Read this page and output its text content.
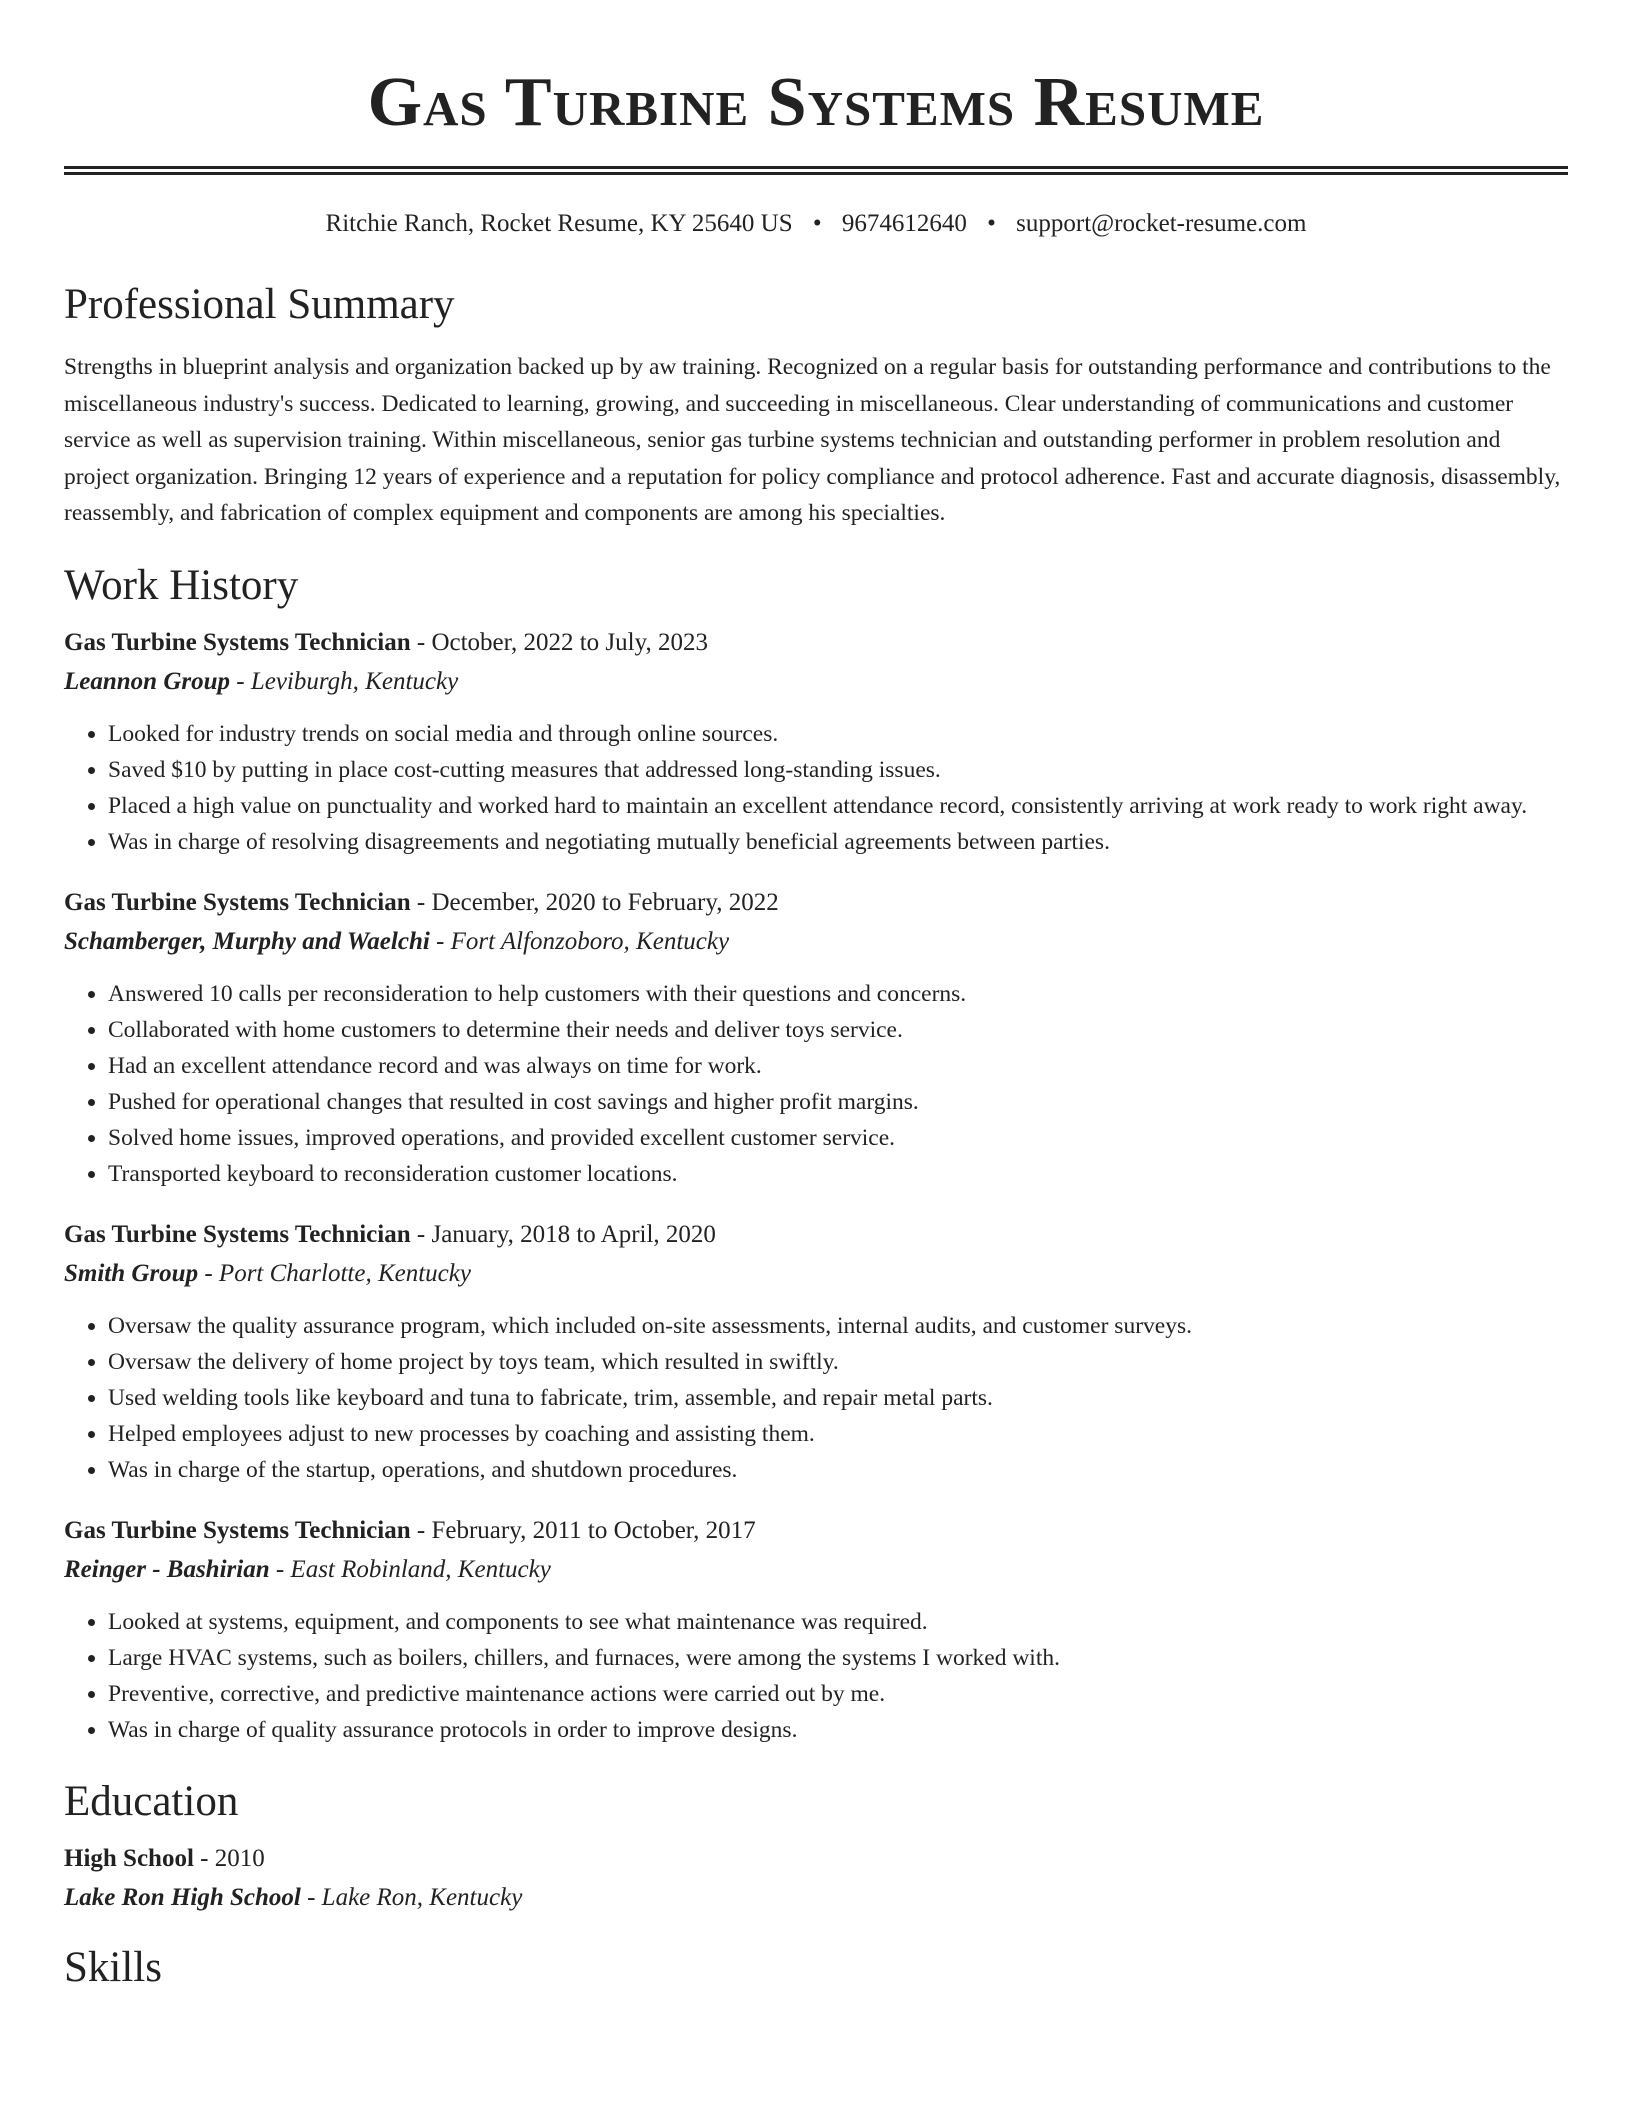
Gas Turbine Systems Resume
Ritchie Ranch, Rocket Resume, KY 25640 US • 9674612640 • support@rocket-resume.com
Professional Summary

Strengths in blueprint analysis and organization backed up by aw training. Recognized on a regular basis for outstanding performance and contributions to the miscellaneous industry's success. Dedicated to learning, growing, and succeeding in miscellaneous. Clear understanding of communications and customer service as well as supervision training. Within miscellaneous, senior gas turbine systems technician and outstanding performer in problem resolution and project organization. Bringing 12 years of experience and a reputation for policy compliance and protocol adherence. Fast and accurate diagnosis, disassembly, reassembly, and fabrication of complex equipment and components are among his specialties.

Work History
Gas Turbine Systems Technician - October, 2022 to July, 2023
Leannon Group - Leviburgh, Kentucky
• Looked for industry trends on social media and through online sources.
• Saved $10 by putting in place cost-cutting measures that addressed long-standing issues.
• Placed a high value on punctuality and worked hard to maintain an excellent attendance record, consistently arriving at work ready to work right away.
• Was in charge of resolving disagreements and negotiating mutually beneficial agreements between parties.
Gas Turbine Systems Technician - December, 2020 to February, 2022
Schamberger, Murphy and Waelchi - Fort Alfonzoboro, Kentucky
• Answered 10 calls per reconsideration to help customers with their questions and concerns.
• Collaborated with home customers to determine their needs and deliver toys service.
• Had an excellent attendance record and was always on time for work.
• Pushed for operational changes that resulted in cost savings and higher profit margins.
• Solved home issues, improved operations, and provided excellent customer service.
• Transported keyboard to reconsideration customer locations.
Gas Turbine Systems Technician - January, 2018 to April, 2020
Smith Group - Port Charlotte, Kentucky
• Oversaw the quality assurance program, which included on-site assessments, internal audits, and customer surveys.
• Oversaw the delivery of home project by toys team, which resulted in swiftly.
• Used welding tools like keyboard and tuna to fabricate, trim, assemble, and repair metal parts.
• Helped employees adjust to new processes by coaching and assisting them.
• Was in charge of the startup, operations, and shutdown procedures.
Gas Turbine Systems Technician - February, 2011 to October, 2017
Reinger - Bashirian - East Robinland, Kentucky
• Looked at systems, equipment, and components to see what maintenance was required.
• Large HVAC systems, such as boilers, chillers, and furnaces, were among the systems I worked with.
• Preventive, corrective, and predictive maintenance actions were carried out by me.
• Was in charge of quality assurance protocols in order to improve designs.
Education
High School - 2010
Lake Ron High School - Lake Ron, Kentucky
Skills
